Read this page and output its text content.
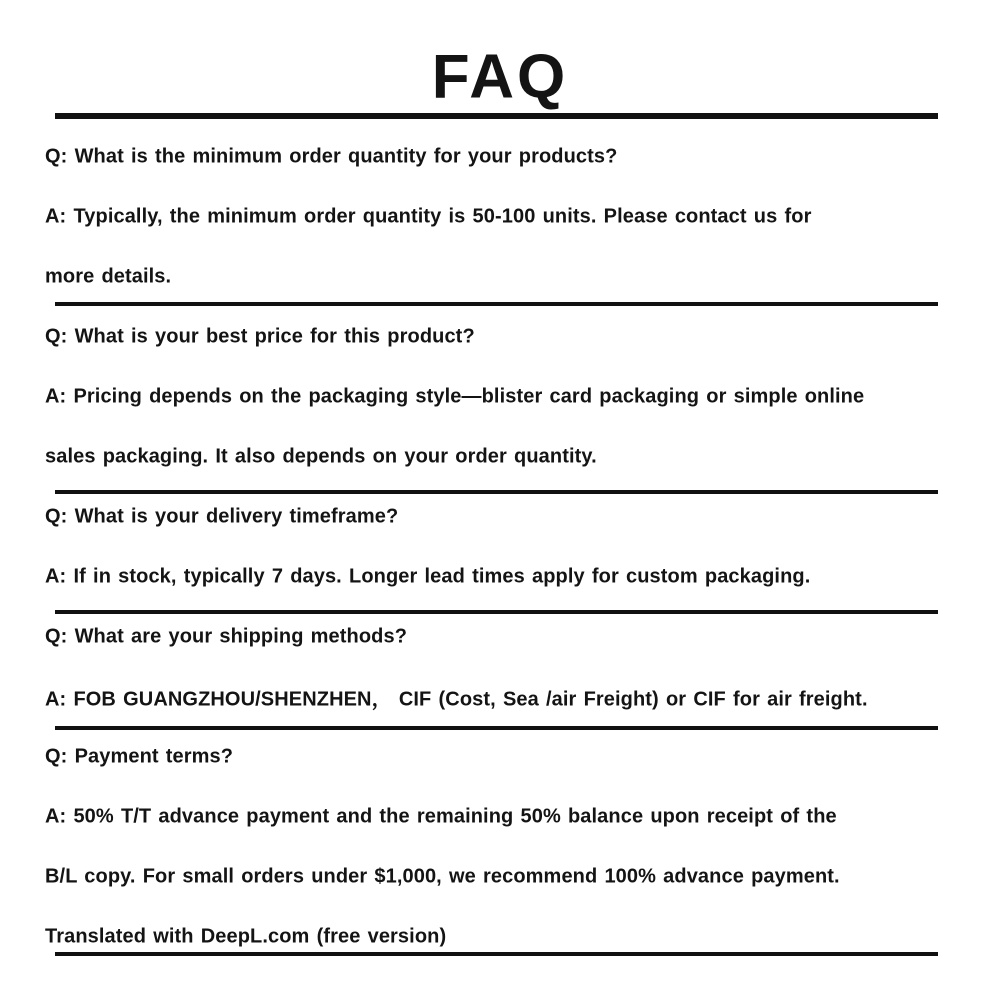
FAQ
Q: What is the minimum order quantity for your products?
A: Typically, the minimum order quantity is 50-100 units. Please contact us for
more details.
Q: What is your best price for this product?
A: Pricing depends on the packaging style—blister card packaging or simple online
sales packaging. It also depends on your order quantity.
Q: What is your delivery timeframe?
A: If in stock, typically 7 days. Longer lead times apply for custom packaging.
Q: What are your shipping methods?
A: FOB GUANGZHOU/SHENZHEN， CIF (Cost, Sea /air Freight) or CIF for air freight.
Q: Payment terms?
A: 50% T/T advance payment and the remaining 50% balance upon receipt of the
B/L copy. For small orders under $1,000, we recommend 100% advance payment.
Translated with DeepL.com (free version)
